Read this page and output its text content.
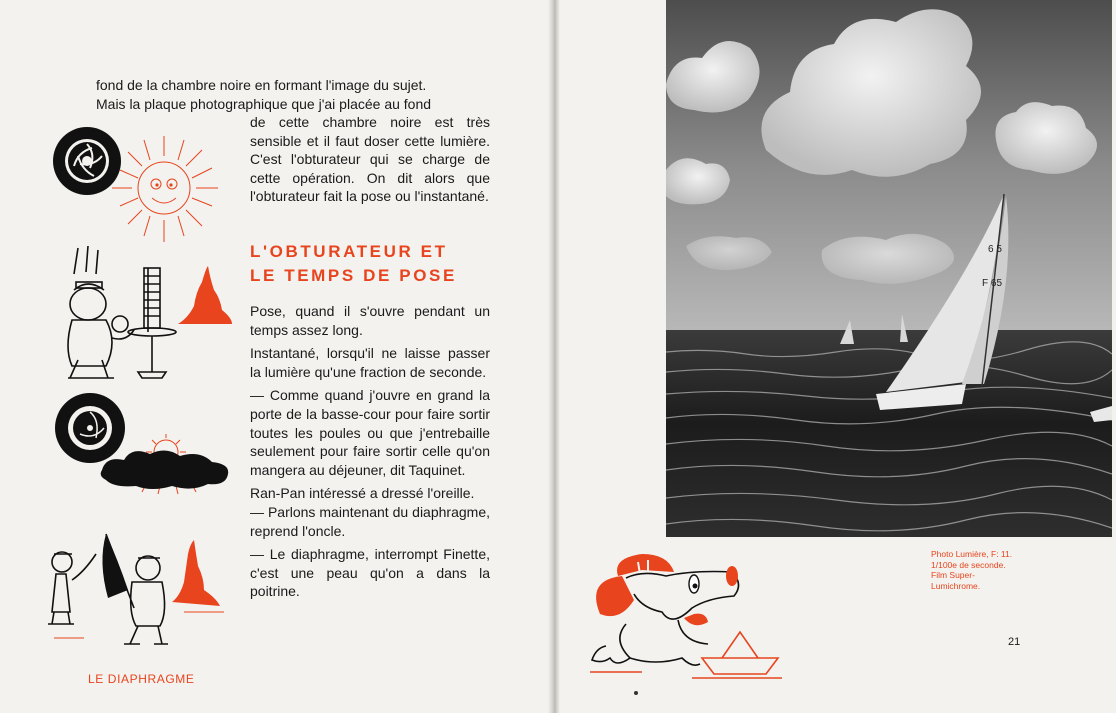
fond de la chambre noire en formant l'image du sujet.

Mais la plaque photographique que j'ai placée au fond

de cette chambre noire est très sensible et il faut doser cette lumière. C'est l'obturateur qui se charge de cette opération. On dit alors que l'obturateur fait la pose ou l'instantané.

L'OBTURATEUR ET
LE TEMPS DE POSE

Pose, quand il s'ouvre pendant un temps assez long.

Instantané, lorsqu'il ne laisse passer la lumière qu'une fraction de seconde.

— Comme quand j'ouvre en grand la porte de la basse-cour pour faire sortir toutes les poules ou que j'entrebaille seulement pour faire sortir celle qu'on mangera au déjeuner, dit Taquinet.

Ran-Pan intéressé a dressé l'oreille.

— Parlons maintenant du diaphragme, reprend l'oncle.

— Le diaphragme, interrompt Finette, c'est une peau qu'on a dans la poitrine.

LE DIAPHRAGME
6 5
F 65

Photo Lumière, F: 11. 1/100e de seconde. Film Super-Lumichrome.

21
